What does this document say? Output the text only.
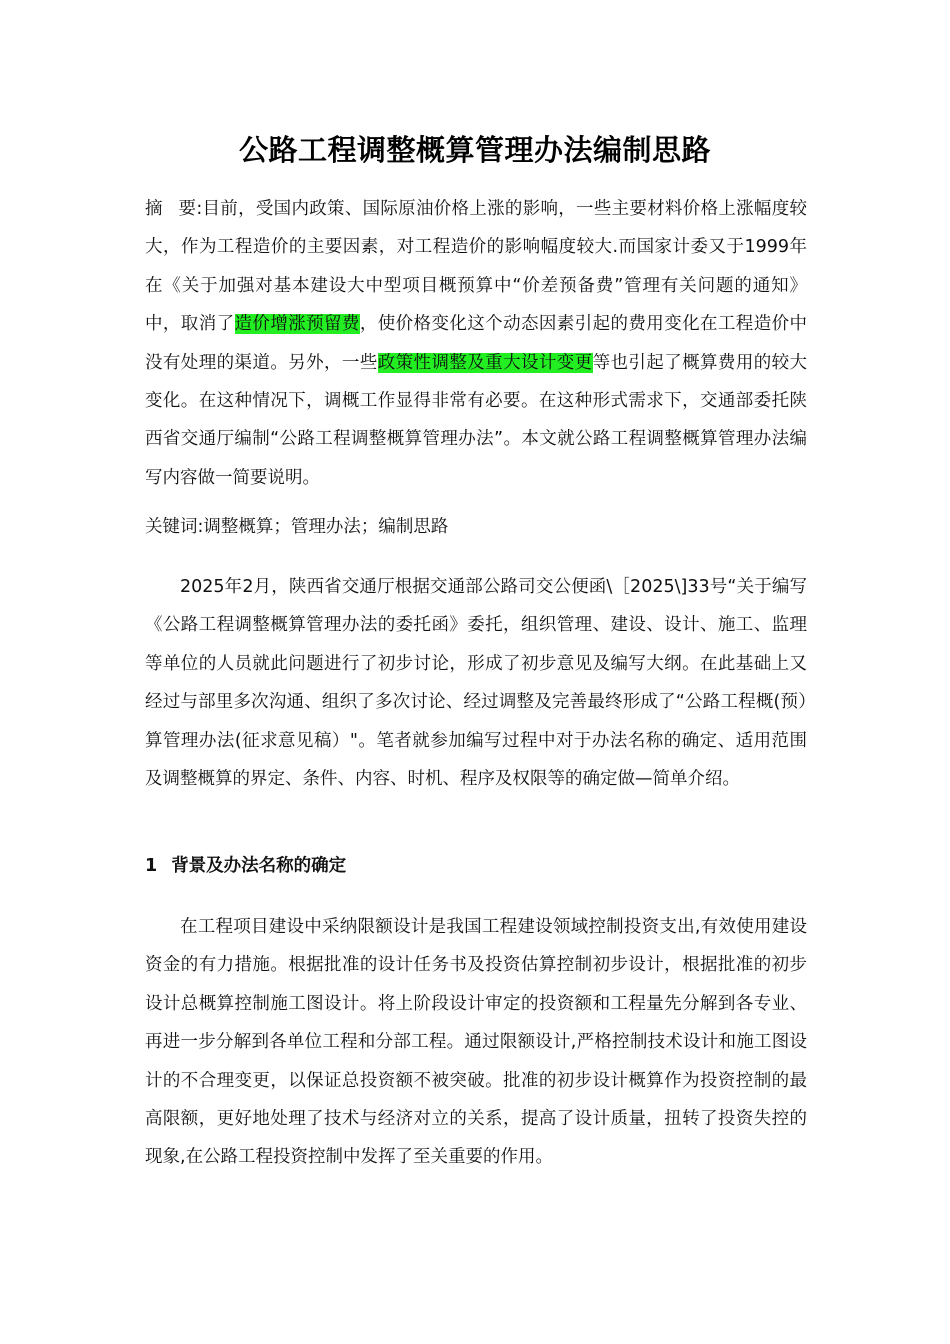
公路工程调整概算管理办法编制思路
摘要:目前，受国内政策、国际原油价格上涨的影响，一些主要材料价格上涨幅度较大，作为工程造价的主要因素，对工程造价的影响幅度较大.而国家计委又于1999年在《关于加强对基本建设大中型项目概预算中“价差预备费”管理有关问题的通知》中，取消了造价增涨预留费，使价格变化这个动态因素引起的费用变化在工程造价中没有处理的渠道。另外，一些政策性调整及重大设计变更等也引起了概算费用的较大变化。在这种情况下，调概工作显得非常有必要。在这种形式需求下，交通部委托陕西省交通厅编制“公路工程调整概算管理办法”。本文就公路工程调整概算管理办法编写内容做一简要说明。
关键词:调整概算；管理办法；编制思路
2025年2月，陕西省交通厅根据交通部公路司交公便函\［2025\]33号“关于编写《公路工程调整概算管理办法的委托函》委托，组织管理、建设、设计、施工、监理等单位的人员就此问题进行了初步讨论，形成了初步意见及编写大纲。在此基础上又经过与部里多次沟通、组织了多次讨论、经过调整及完善最终形成了“公路工程概(预）算管理办法(征求意见稿）"。笔者就参加编写过程中对于办法名称的确定、适用范围及调整概算的界定、条件、内容、时机、程序及权限等的确定做—简单介绍。
1 背景及办法名称的确定
在工程项目建设中采纳限额设计是我国工程建设领域控制投资支出,有效使用建设资金的有力措施。根据批准的设计任务书及投资估算控制初步设计，根据批准的初步设计总概算控制施工图设计。将上阶段设计审定的投资额和工程量先分解到各专业、再进一步分解到各单位工程和分部工程。通过限额设计,严格控制技术设计和施工图设计的不合理变更，以保证总投资额不被突破。批准的初步设计概算作为投资控制的最高限额，更好地处理了技术与经济对立的关系，提高了设计质量，扭转了投资失控的现象,在公路工程投资控制中发挥了至关重要的作用。
